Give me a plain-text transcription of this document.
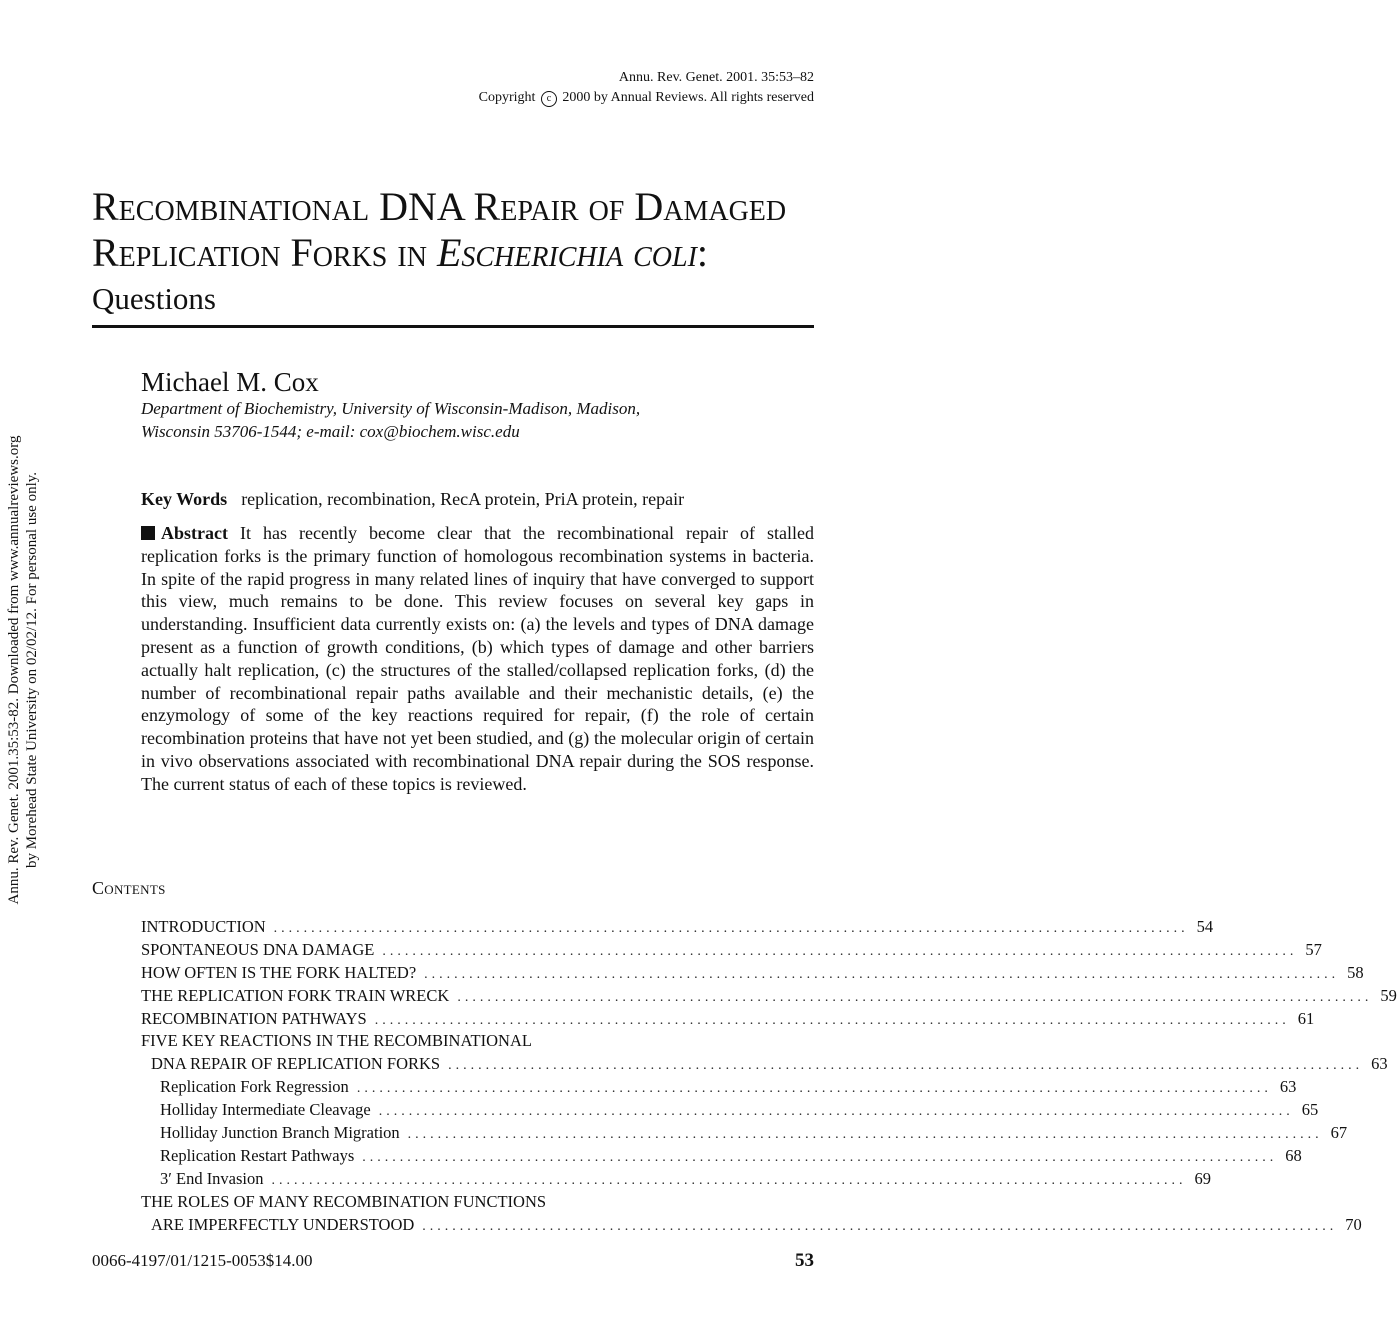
Annu. Rev. Genet. 2001. 35:53–82
Copyright c 2000 by Annual Reviews. All rights reserved
Annu. Rev. Genet. 2001.35:53-82. Downloaded from www.annualreviews.org by Morehead State University on 02/02/12. For personal use only.
Recombinational DNA Repair of Damaged
Replication Forks in Escherichia coli:
Questions
Michael M. Cox
Department of Biochemistry, University of Wisconsin-Madison, Madison,
Wisconsin 53706-1544; e-mail: cox@biochem.wisc.edu
Key Words replication, recombination, RecA protein, PriA protein, repair
Abstract It has recently become clear that the recombinational repair of stalled replication forks is the primary function of homologous recombination systems in bacteria. In spite of the rapid progress in many related lines of inquiry that have converged to support this view, much remains to be done. This review focuses on several key gaps in understanding. Insufficient data currently exists on: (a) the levels and types of DNA damage present as a function of growth conditions, (b) which types of damage and other barriers actually halt replication, (c) the structures of the stalled/collapsed replication forks, (d) the number of recombinational repair paths available and their mechanistic details, (e) the enzymology of some of the key reactions required for repair, (f) the role of certain recombination proteins that have not yet been studied, and (g) the molecular origin of certain in vivo observations associated with recombinational DNA repair during the SOS response. The current status of each of these topics is reviewed.
Contents
INTRODUCTION .......................................................................................................................... 54
SPONTANEOUS DNA DAMAGE .......................................................................................................................... 57
HOW OFTEN IS THE FORK HALTED? .......................................................................................................................... 58
THE REPLICATION FORK TRAIN WRECK .......................................................................................................................... 59
RECOMBINATION PATHWAYS .......................................................................................................................... 61
FIVE KEY REACTIONS IN THE RECOMBINATIONAL
DNA REPAIR OF REPLICATION FORKS .......................................................................................................................... 63
Replication Fork Regression .......................................................................................................................... 63
Holliday Intermediate Cleavage .......................................................................................................................... 65
Holliday Junction Branch Migration .......................................................................................................................... 67
Replication Restart Pathways .......................................................................................................................... 68
3′ End Invasion .......................................................................................................................... 69
THE ROLES OF MANY RECOMBINATION FUNCTIONS
ARE IMPERFECTLY UNDERSTOOD .......................................................................................................................... 70
0066-4197/01/1215-0053$14.00	53
